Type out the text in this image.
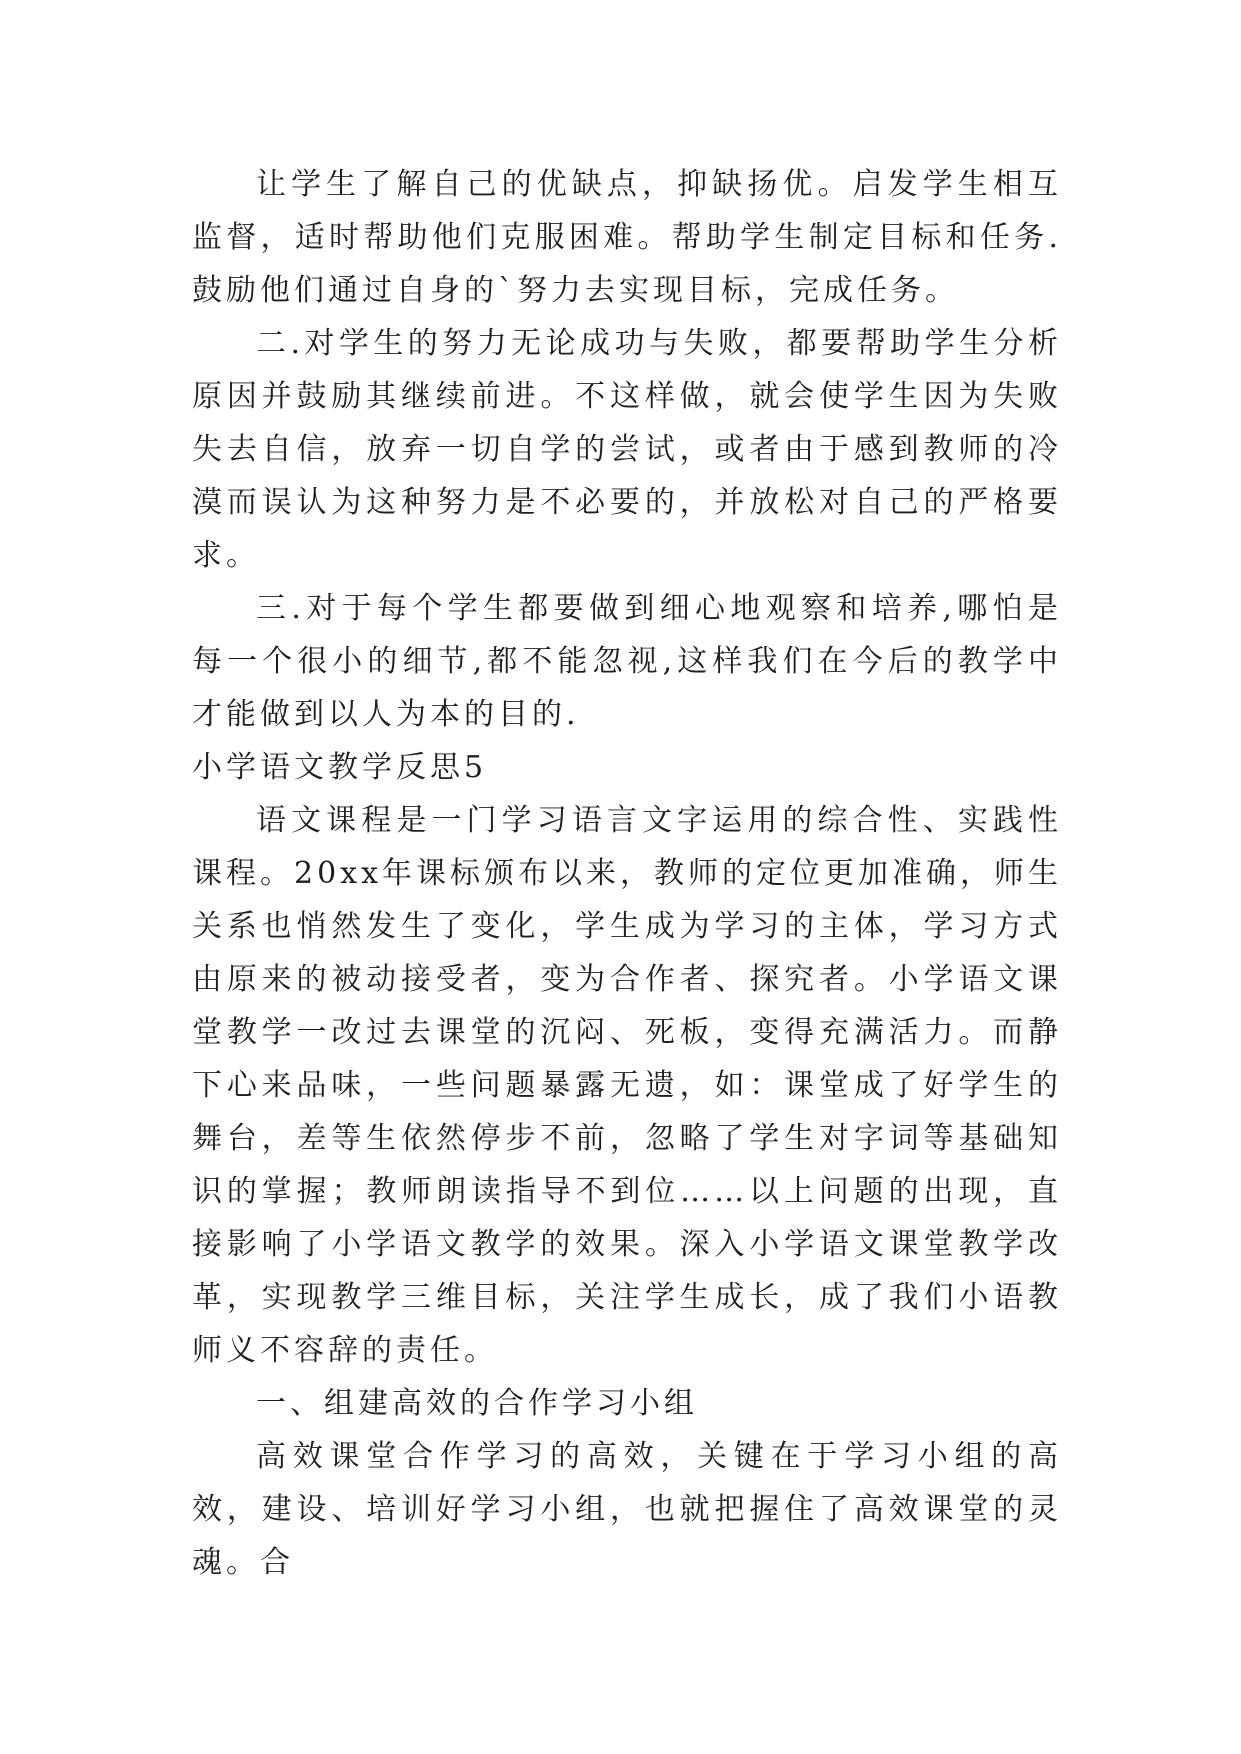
让学生了解自己的优缺点，抑缺扬优。启发学生相互监督，适时帮助他们克服困难。帮助学生制定目标和任务.鼓励他们通过自身的`努力去实现目标，完成任务。

二.对学生的努力无论成功与失败，都要帮助学生分析原因并鼓励其继续前进。不这样做，就会使学生因为失败失去自信，放弃一切自学的尝试，或者由于感到教师的冷漠而误认为这种努力是不必要的，并放松对自己的严格要求。

三.对于每个学生都要做到细心地观察和培养,哪怕是每一个很小的细节,都不能忽视,这样我们在今后的教学中才能做到以人为本的目的.

小学语文教学反思5

语文课程是一门学习语言文字运用的综合性、实践性课程。20xx年课标颁布以来，教师的定位更加准确，师生关系也悄然发生了变化，学生成为学习的主体，学习方式由原来的被动接受者，变为合作者、探究者。小学语文课堂教学一改过去课堂的沉闷、死板，变得充满活力。而静下心来品味，一些问题暴露无遗，如：课堂成了好学生的舞台，差等生依然停步不前，忽略了学生对字词等基础知识的掌握；教师朗读指导不到位……以上问题的出现，直接影响了小学语文教学的效果。深入小学语文课堂教学改革，实现教学三维目标，关注学生成长，成了我们小语教师义不容辞的责任。

一、组建高效的合作学习小组

高效课堂合作学习的高效，关键在于学习小组的高效，建设、培训好学习小组，也就把握住了高效课堂的灵魂。合
